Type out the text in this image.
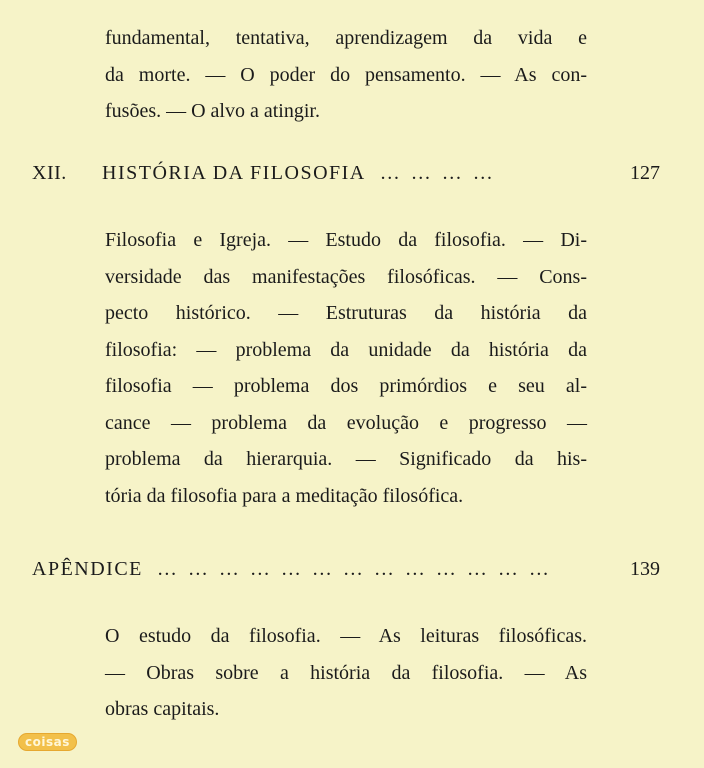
fundamental, tentativa, aprendizagem da vida e
da morte. — O poder do pensamento. — As con-
fusões. — O alvo a atingir.
XII.	HISTÓRIA DA FILOSOFIA … … … …	127
Filosofia e Igreja. — Estudo da filosofia. — Di-
versidade das manifestações filosóficas. — Cons-
pecto histórico. — Estruturas da história da
filosofia: — problema da unidade da história da
filosofia — problema dos primórdios e seu al-
cance — problema da evolução e progresso —
problema da hierarquia. — Significado da his-
tória da filosofia para a meditação filosófica.
APÊNDICE … … … … … … … … … … … … …	139
O estudo da filosofia. — As leituras filosóficas.
— Obras sobre a história da filosofia. — As
obras capitais.
coisas
